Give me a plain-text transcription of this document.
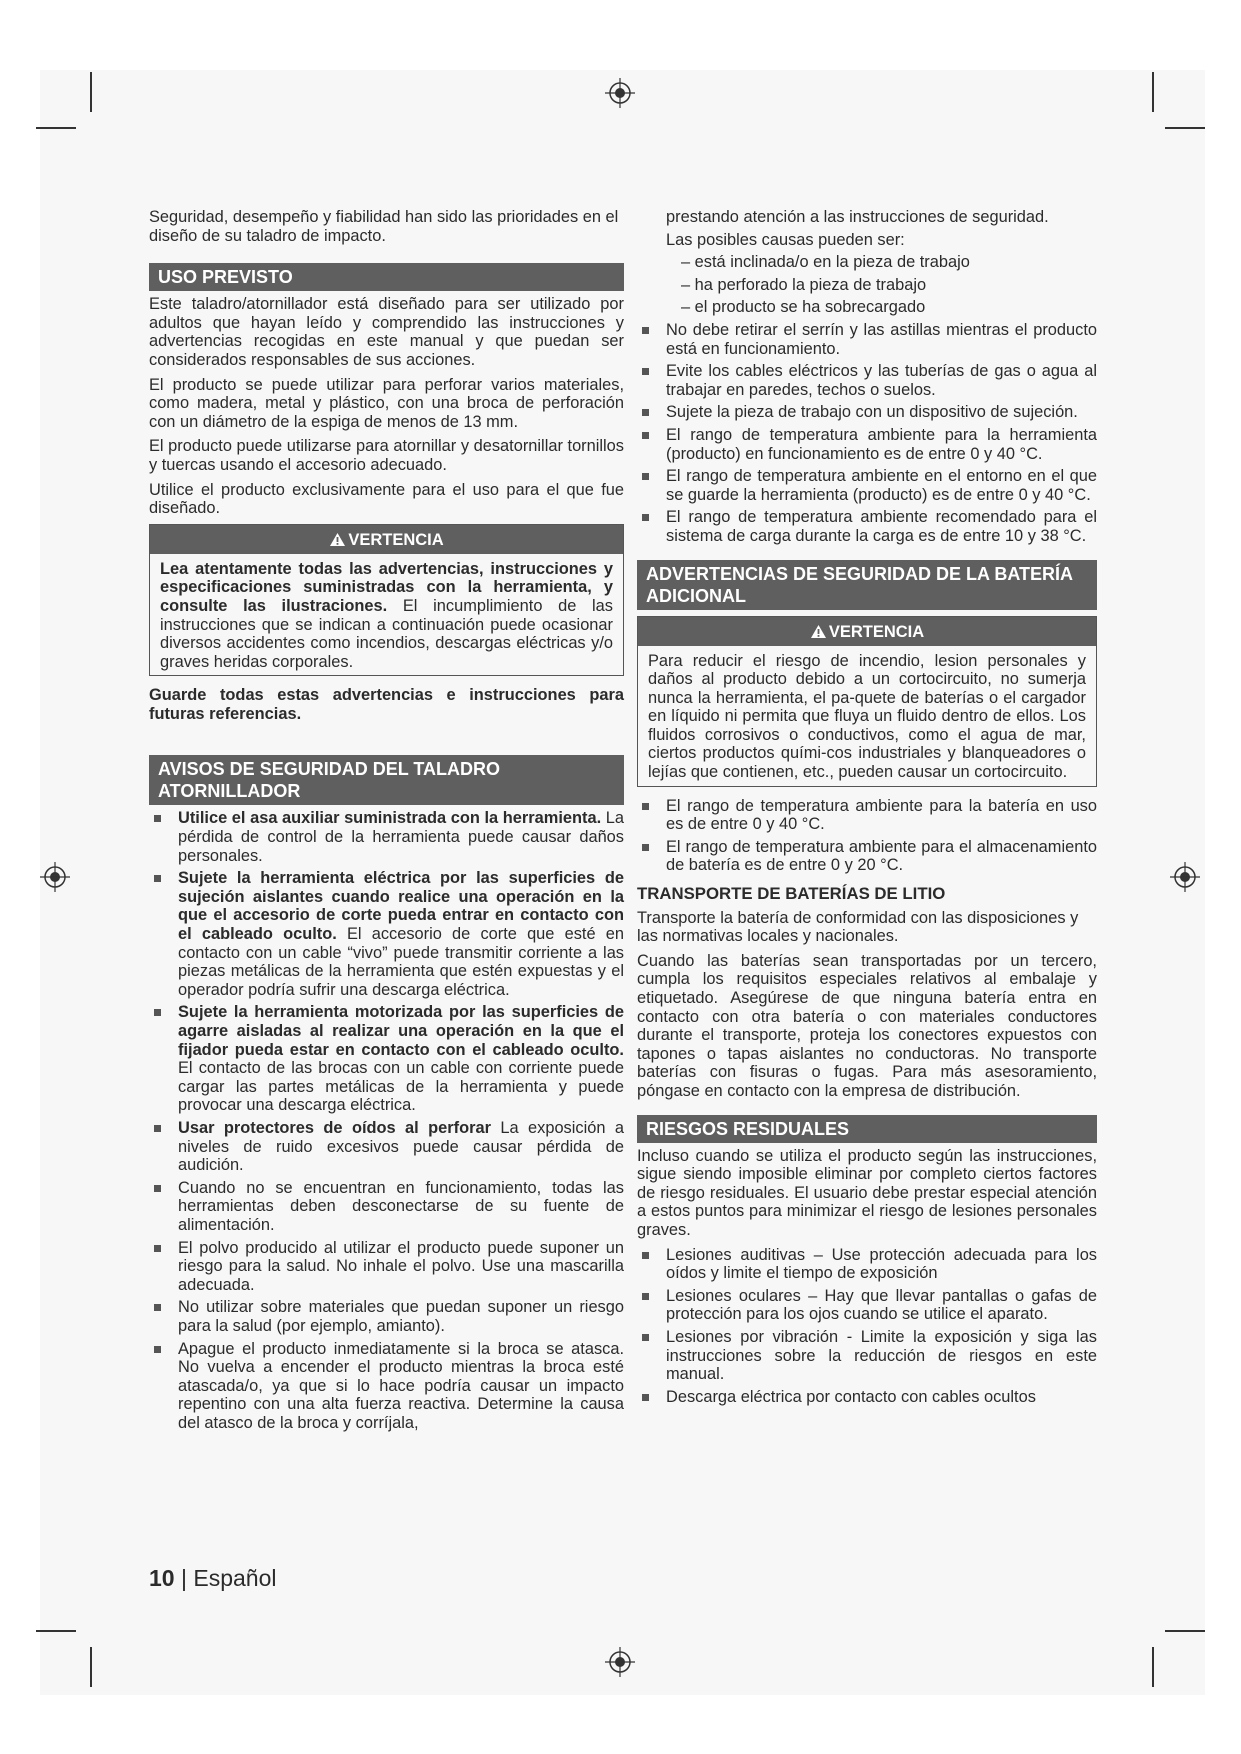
Seguridad, desempeño y fiabilidad han sido las prioridades en el diseño de su taladro de impacto.

USO PREVISTO

Este taladro/atornillador está diseñado para ser utilizado por adultos que hayan leído y comprendido las instrucciones y advertencias recogidas en este manual y que puedan ser considerados responsables de sus acciones.

El producto se puede utilizar para perforar varios materiales, como madera, metal y plástico, con una broca de perforación con un diámetro de la espiga de menos de 13 mm.

El producto puede utilizarse para atornillar y desatornillar tornillos y tuercas usando el accesorio adecuado.

Utilice el producto exclusivamente para el uso para el que fue diseñado.

VERTENCIA
Lea atentamente todas las advertencias, instrucciones y especificaciones suministradas con la herramienta, y consulte las ilustraciones. El incumplimiento de las instrucciones que se indican a continuación puede ocasionar diversos accidentes como incendios, descargas eléctricas y/o graves heridas corporales.

Guarde todas estas advertencias e instrucciones para futuras referencias.

AVISOS DE SEGURIDAD DEL TALADRO ATORNILLADOR
Utilice el asa auxiliar suministrada con la herramienta. La pérdida de control de la herramienta puede causar daños personales.
Sujete la herramienta eléctrica por las superficies de sujeción aislantes cuando realice una operación en la que el accesorio de corte pueda entrar en contacto con el cableado oculto. El accesorio de corte que esté en contacto con un cable “vivo” puede transmitir corriente a las piezas metálicas de la herramienta que estén expuestas y el operador podría sufrir una descarga eléctrica.
Sujete la herramienta motorizada por las superficies de agarre aisladas al realizar una operación en la que el fijador pueda estar en contacto con el cableado oculto. El contacto de las brocas con un cable con corriente puede cargar las partes metálicas de la herramienta y puede provocar una descarga eléctrica.
Usar protectores de oídos al perforar La exposición a niveles de ruido excesivos puede causar pérdida de audición.
Cuando no se encuentran en funcionamiento, todas las herramientas deben desconectarse de su fuente de alimentación.
El polvo producido al utilizar el producto puede suponer un riesgo para la salud. No inhale el polvo. Use una mascarilla adecuada.
No utilizar sobre materiales que puedan suponer un riesgo para la salud (por ejemplo, amianto).
Apague el producto inmediatamente si la broca se atasca. No vuelva a encender el producto mientras la broca esté atascada/o, ya que si lo hace podría causar un impacto repentino con una alta fuerza reactiva. Determine la causa del atasco de la broca y corríjala,

prestando atención a las instrucciones de seguridad.

Las posibles causas pueden ser:

– está inclinada/o en la pieza de trabajo
– ha perforado la pieza de trabajo
– el producto se ha sobrecargado
No debe retirar el serrín y las astillas mientras el producto está en funcionamiento.
Evite los cables eléctricos y las tuberías de gas o agua al trabajar en paredes, techos o suelos.
Sujete la pieza de trabajo con un dispositivo de sujeción.
El rango de temperatura ambiente para la herramienta (producto) en funcionamiento es de entre 0 y 40 °C.
El rango de temperatura ambiente en el entorno en el que se guarde la herramienta (producto) es de entre 0 y 40 °C.
El rango de temperatura ambiente recomendado para el sistema de carga durante la carga es de entre 10 y 38 °C.
ADVERTENCIAS DE SEGURIDAD DE LA BATERÍA ADICIONAL
VERTENCIA
Para reducir el riesgo de incendio, lesion personales y daños al producto debido a un cortocircuito, no sumerja nunca la herramienta, el pa-quete de baterías o el cargador en líquido ni permita que fluya un fluido dentro de ellos. Los fluidos corrosivos o conductivos, como el agua de mar, ciertos productos quími-cos industriales y blanqueadores o lejías que contienen, etc., pueden causar un cortocircuito.
El rango de temperatura ambiente para la batería en uso es de entre 0 y 40 °C.
El rango de temperatura ambiente para el almacenamiento de batería es de entre 0 y 20 °C.
TRANSPORTE DE BATERÍAS DE LITIO

Transporte la batería de conformidad con las disposiciones y las normativas locales y nacionales.

Cuando las baterías sean transportadas por un tercero, cumpla los requisitos especiales relativos al embalaje y etiquetado. Asegúrese de que ninguna batería entra en contacto con otra batería o con materiales conductores durante el transporte, proteja los conectores expuestos con tapones o tapas aislantes no conductoras. No transporte baterías con fisuras o fugas. Para más asesoramiento, póngase en contacto con la empresa de distribución.

RIESGOS RESIDUALES

Incluso cuando se utiliza el producto según las instrucciones, sigue siendo imposible eliminar por completo ciertos factores de riesgo residuales. El usuario debe prestar especial atención a estos puntos para minimizar el riesgo de lesiones personales graves.

Lesiones auditivas – Use protección adecuada para los oídos y limite el tiempo de exposición
Lesiones oculares – Hay que llevar pantallas o gafas de protección para los ojos cuando se utilice el aparato.
Lesiones por vibración - Limite la exposición y siga las instrucciones sobre la reducción de riesgos en este manual.
Descarga eléctrica por contacto con cables ocultos
10 | Español
